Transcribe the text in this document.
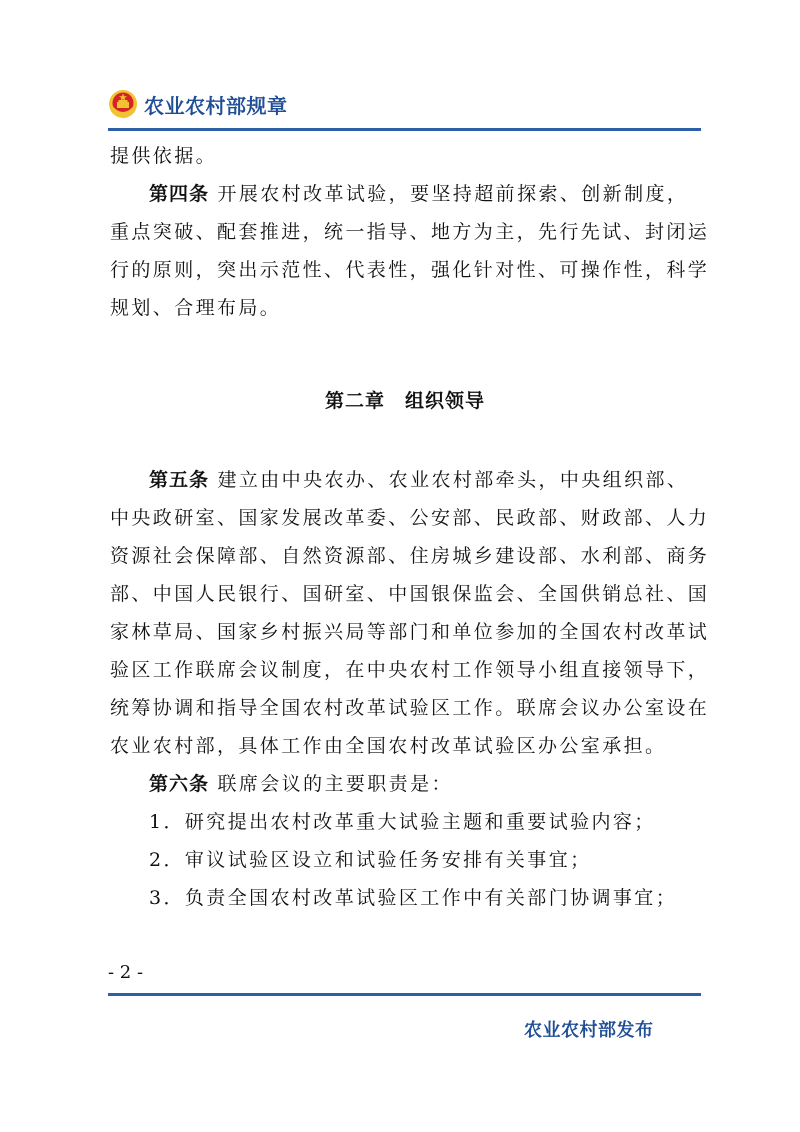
农业农村部规章
提供依据。
第四条 开展农村改革试验，要坚持超前探索、创新制度，
重点突破、配套推进，统一指导、地方为主，先行先试、封闭运
行的原则，突出示范性、代表性，强化针对性、可操作性，科学
规划、合理布局。
第二章　组织领导
第五条 建立由中央农办、农业农村部牵头，中央组织部、
中央政研室、国家发展改革委、公安部、民政部、财政部、人力
资源社会保障部、自然资源部、住房城乡建设部、水利部、商务
部、中国人民银行、国研室、中国银保监会、全国供销总社、国
家林草局、国家乡村振兴局等部门和单位参加的全国农村改革试
验区工作联席会议制度，在中央农村工作领导小组直接领导下，
统筹协调和指导全国农村改革试验区工作。联席会议办公室设在
农业农村部，具体工作由全国农村改革试验区办公室承担。
第六条 联席会议的主要职责是：
1．研究提出农村改革重大试验主题和重要试验内容；
2．审议试验区设立和试验任务安排有关事宜；
3．负责全国农村改革试验区工作中有关部门协调事宜；
- 2 -
农业农村部发布
